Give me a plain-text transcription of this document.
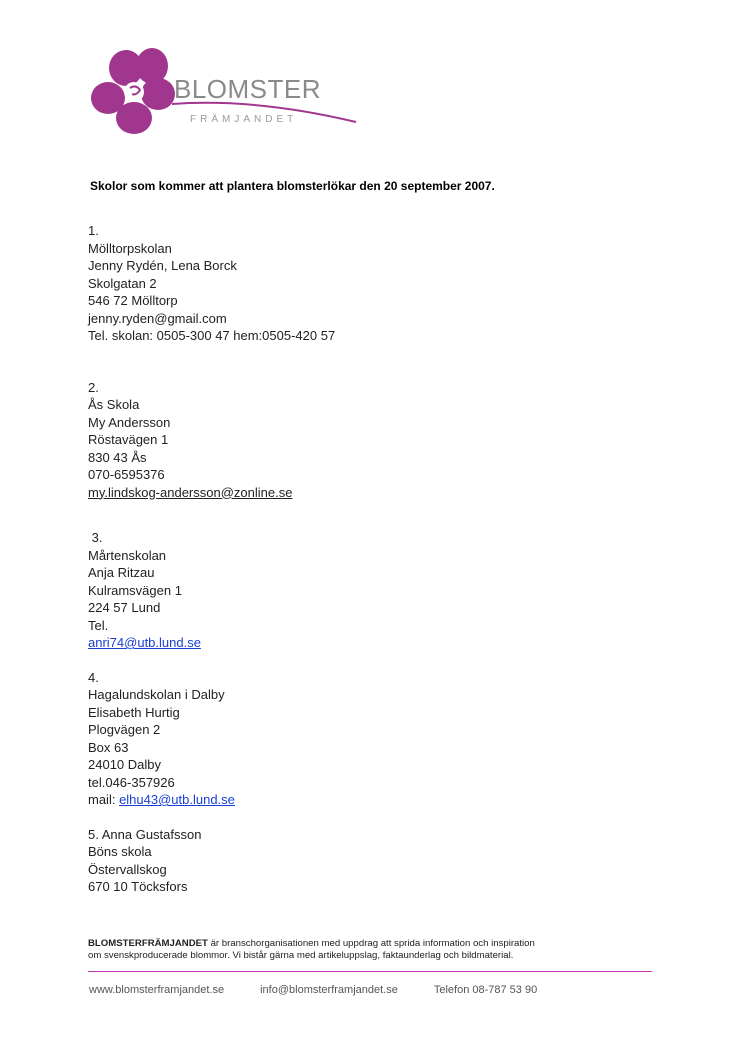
BLOMSTER
FRÄMJANDET
Skolor som kommer att plantera blomsterlökar den 20 september 2007.
1.
Mölltorpskolan
Jenny Rydén, Lena Borck
Skolgatan 2
546 72 Mölltorp
jenny.ryden@gmail.com
Tel. skolan: 0505-300 47 hem:0505-420 57
2.
Ås Skola
My Andersson
Röstavägen 1
830 43 Ås
070-6595376
my.lindskog-andersson@zonline.se
3.
Mårtenskolan
Anja Ritzau
Kulramsvägen 1
224 57 Lund
Tel.
anri74@utb.lund.se
4.
Hagalundskolan i Dalby
Elisabeth Hurtig
Plogvägen 2
Box 63
24010 Dalby
tel.046-357926
mail: elhu43@utb.lund.se
5. Anna Gustafsson
Böns skola
Östervallskog
670 10 Töcksfors
BLOMSTERFRÄMJANDET är branschorganisationen med uppdrag att sprida information och inspiration
om svenskproducerade blommor. Vi bistår gärna med artikeluppslag, faktaunderlag och bildmaterial.
www.blomsterframjandet.se	info@blomsterframjandet.se	Telefon 08-787 53 90
